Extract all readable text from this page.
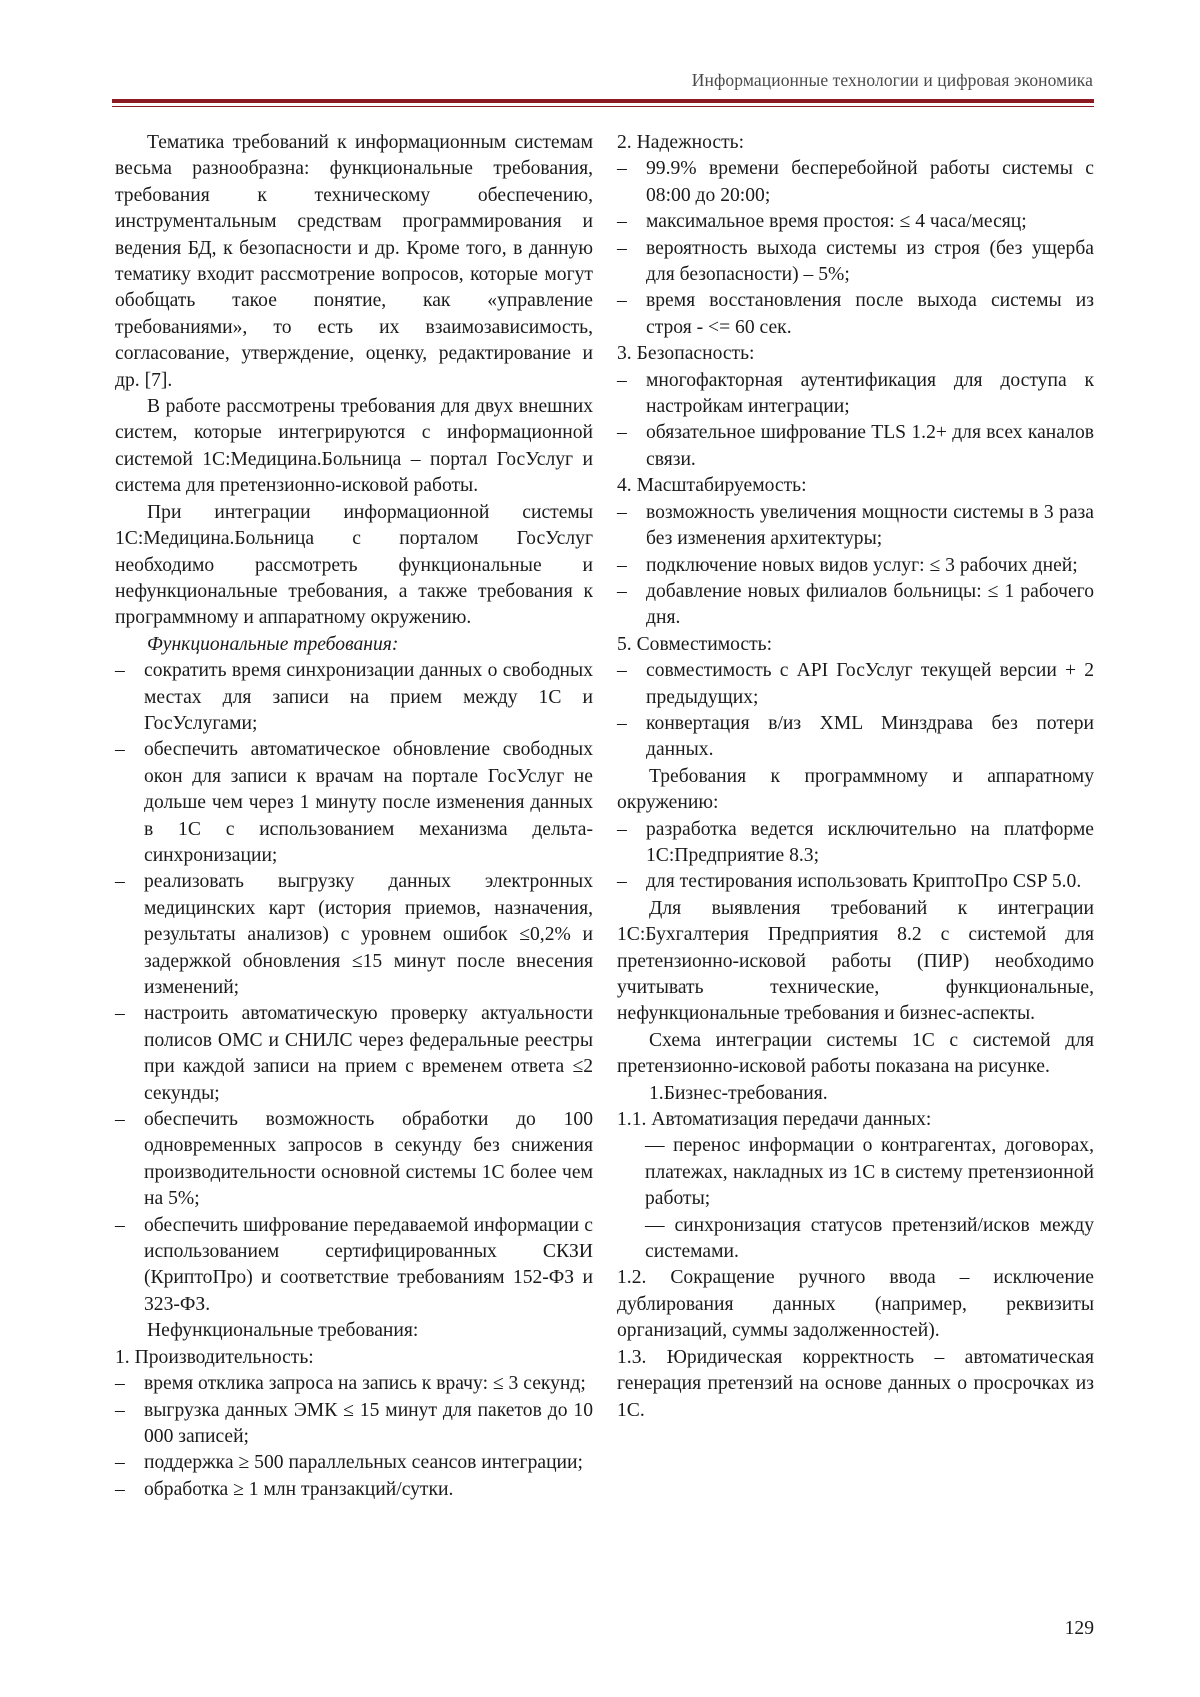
Информационные технологии и цифровая экономика

Тематика требований к информационным системам весьма разнообразна: функциональные требования, требования к техническому обеспечению, инструментальным средствам программирования и ведения БД, к безопасности и др. Кроме того, в данную тематику входит рассмотрение вопросов, которые могут обобщать такое понятие, как «управление требованиями», то есть их взаимозависимость, согласование, утверждение, оценку, редактирование и др. [7].

В работе рассмотрены требования для двух внешних систем, которые интегрируются с информационной системой 1С:Медицина.Больница – портал ГосУслуг и система для претензионно-исковой работы.

При интеграции информационной системы 1С:Медицина.Больница с порталом ГосУслуг необходимо рассмотреть функциональные и нефункциональные требования, а также требования к программному и аппаратному окружению.

Функциональные требования:

– сократить время синхронизации данных о свободных местах для записи на прием между 1С и ГосУслугами;

– обеспечить автоматическое обновление свободных окон для записи к врачам на портале ГосУслуг не дольше чем через 1 минуту после изменения данных в 1С с использованием механизма дельта-синхронизации;

– реализовать выгрузку данных электронных медицинских карт (история приемов, назначения, результаты анализов) с уровнем ошибок ≤0,2% и задержкой обновления ≤15 минут после внесения изменений;

– настроить автоматическую проверку актуальности полисов ОМС и СНИЛС через федеральные реестры при каждой записи на прием с временем ответа ≤2 секунды;

– обеспечить возможность обработки до 100 одновременных запросов в секунду без снижения производительности основной системы 1С более чем на 5%;

– обеспечить шифрование передаваемой информации с использованием сертифицированных СКЗИ (КриптоПро) и соответствие требованиям 152-ФЗ и 323-ФЗ.

Нефункциональные требования:

1. Производительность:

– время отклика запроса на запись к врачу: ≤ 3 секунд;

– выгрузка данных ЭМК ≤ 15 минут для пакетов до 10 000 записей;

– поддержка ≥ 500 параллельных сеансов интеграции;

– обработка ≥ 1 млн транзакций/сутки.

2. Надежность:

– 99.9% времени бесперебойной работы системы с 08:00 до 20:00;

– максимальное время простоя: ≤ 4 часа/месяц;

– вероятность выхода системы из строя (без ущерба для безопасности) – 5%;

– время восстановления после выхода системы из строя - <= 60 сек.

3. Безопасность:

– многофакторная аутентификация для доступа к настройкам интеграции;

– обязательное шифрование TLS 1.2+ для всех каналов связи.

4. Масштабируемость:

– возможность увеличения мощности системы в 3 раза без изменения архитектуры;

– подключение новых видов услуг: ≤ 3 рабочих дней;

– добавление новых филиалов больницы: ≤ 1 рабочего дня.

5. Совместимость:

– совместимость с API ГосУслуг текущей версии + 2 предыдущих;

– конвертация в/из XML Минздрава без потери данных.

Требования к программному и аппаратному окружению:

– разработка ведется исключительно на платформе 1С:Предприятие 8.3;

– для тестирования использовать КриптоПро CSP 5.0.

Для выявления требований к интеграции 1С:Бухгалтерия Предприятия 8.2 с системой для претензионно-исковой работы (ПИР) необходимо учитывать технические, функциональные, нефункциональные требования и бизнес-аспекты.

Схема интеграции системы 1С с системой для претензионно-исковой работы показана на рисунке.

1.Бизнес-требования.

1.1. Автоматизация передачи данных:

— перенос информации о контрагентах, договорах, платежах, накладных из 1С в систему претензионной работы;

— синхронизация статусов претензий/исков между системами.

1.2. Сокращение ручного ввода – исключение дублирования данных (например, реквизиты организаций, суммы задолженностей).

1.3. Юридическая корректность – автоматическая генерация претензий на основе данных о просрочках из 1С.

129
